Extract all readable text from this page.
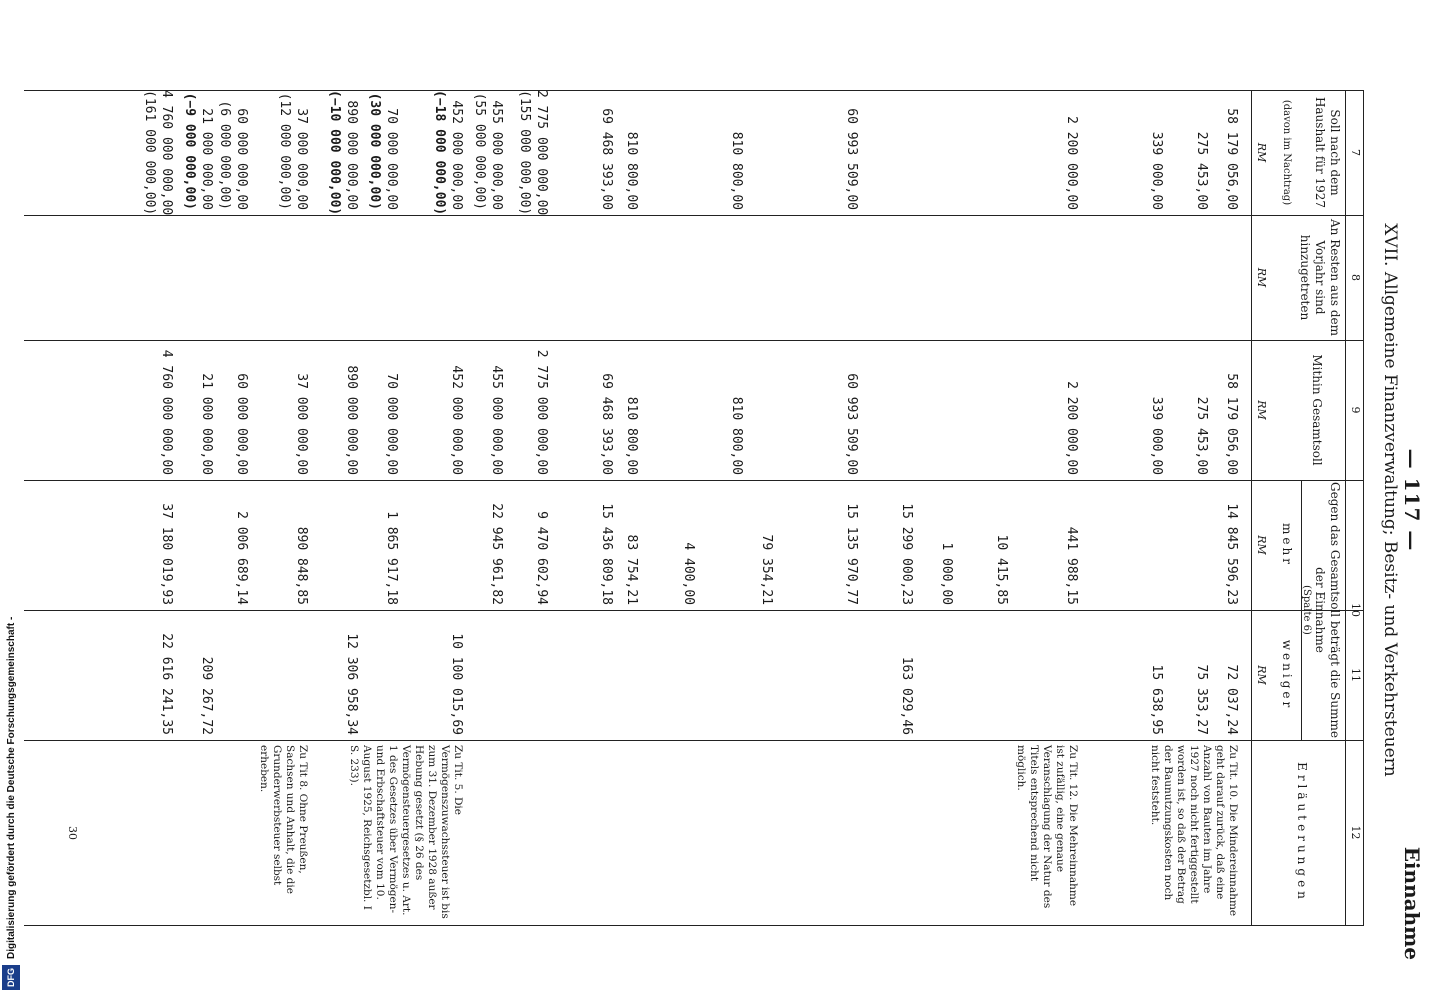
DFGDigitalisierung gefördert durch die Deutsche Forschungsgemeinschaft -
— 117 —
XVII. Allgemeine Finanzverwaltung; Besitz- und Verkehrsteuern
Einnahme
7
8
9
10
11
12
Soll nach dem Haushalt für 1927
(davon im Nachtrag)
An Resten aus dem Vorjahr sind hinzugetreten
Mithin Gesamtsoll
Gegen das Gesamtsoll beträgt die Summe der Einnahme
(Spalte 6)
mehr
weniger
Erläuterungen
RM
RM
RM
RM
RM
58 179 056,00
275 453,00
339 000,00
2 200 000,00
60 993 509,00
810 800,00
810 800,00
69 468 393,00
58 179 056,00
275 453,00
339 000,00
2 200 000,00
60 993 509,00
810 800,00
810 800,00
69 468 393,00
14 845 596,23
441 988,15
10 415,85
1 000,00
15 299 000,23
15 135 970,77
79 354,21
4 400,00
83 754,21
15 436 809,18
72 037,24
75 353,27
15 638,95
163 029,46
2 775 000 000,00
(155 000 000,00)
455 000 000,00
(55 000 000,00)
452 000 000,00
(−18 000 000,00)
70 000 000,00
(30 000 000,00)
890 000 000,00
(−10 000 000,00)
37 000 000,00
(12 000 000,00)
60 000 000,00
(6 000 000,00)
21 000 000,00
(−9 000 000,00)
4 760 000 000,00
(161 000 000,00)
2 775 000 000,00
455 000 000,00
452 000 000,00
70 000 000,00
890 000 000,00
37 000 000,00
60 000 000,00
21 000 000,00
4 760 000 000,00
9 470 602,94
22 945 961,82
1 865 917,18
890 848,85
2 006 689,14
37 180 019,93
10 100 015,69
12 306 958,34
209 267,72
22 616 241,35
Zu Tit. 10. Die Mindereinnahme geht darauf zurück, daß eine Anzahl von Bauten im Jahre 1927 noch nicht fertiggestellt worden ist, so daß der Betrag der Baunutzungskosten noch nicht feststeht.
Zu Tit. 12. Die Mehreinnahme ist zufällig, eine genaue Veranschlagung der Natur des Titels entsprechend nicht möglich.
Zu Tit. 5. Die Vermögenszuwachssteuer ist bis zum 31. Dezember 1928 außer Hebung gesetzt (§ 26 des Vermögensteuergesetzes u. Art. 1 des Gesetzes über Vermögen- und Erbschaftsteuer vom 10. August 1925, Reichsgesetzbl. I S. 233).
Zu Tit 8. Ohne Preußen, Sachsen und Anhalt, die die Grunderwerbsteuer selbst erheben.
30
